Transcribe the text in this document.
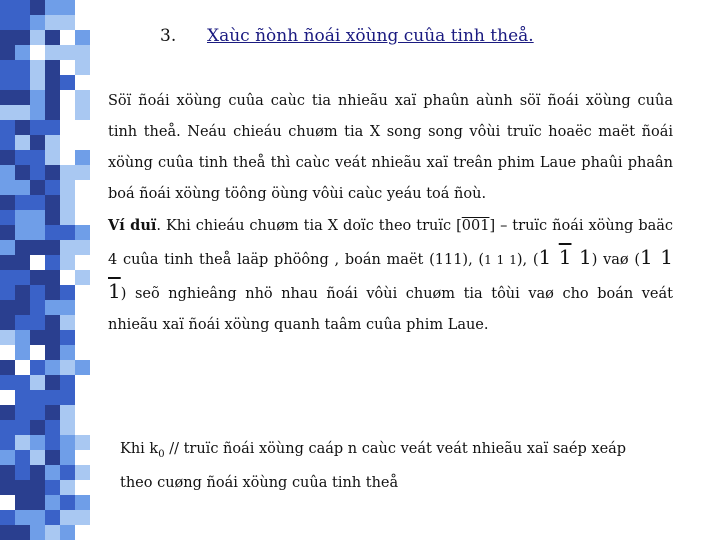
3. Xaùc ñònh ñoái xöùng cuûa tinh theå.
Söï ñoái xöùng cuûa caùc tia nhieãu xaï phaûn aùnh söï ñoái xöùng cuûa tinh theå. Neáu chieáu chuøm tia X song song vôùi truïc hoaëc maët ñoái xöùng cuûa tinh theå thì caùc veát nhieãu xaï treân phim Laue phaûi phaân boá ñoái xöùng töông öùng vôùi caùc yeáu toá ñoù.
Ví duï. Khi chieáu chuøm tia X doïc theo truïc [001] – truïc ñoái xöùng baäc 4 cuûa tinh theå laäp phöông , boán maët (111), (1 1 1), (1 1 1) vaø (1 1 1) seõ nghieâng nhö nhau ñoái vôùi chuøm tia tôùi vaø cho boán veát nhieãu xaï ñoái xöùng quanh taâm cuûa phim Laue.
Khi $k_0$ // truïc ñoái xöùng caáp n caùc veát veát nhieãu xaï saép xeáp theo cuøng ñoái xöùng cuûa tinh theå
